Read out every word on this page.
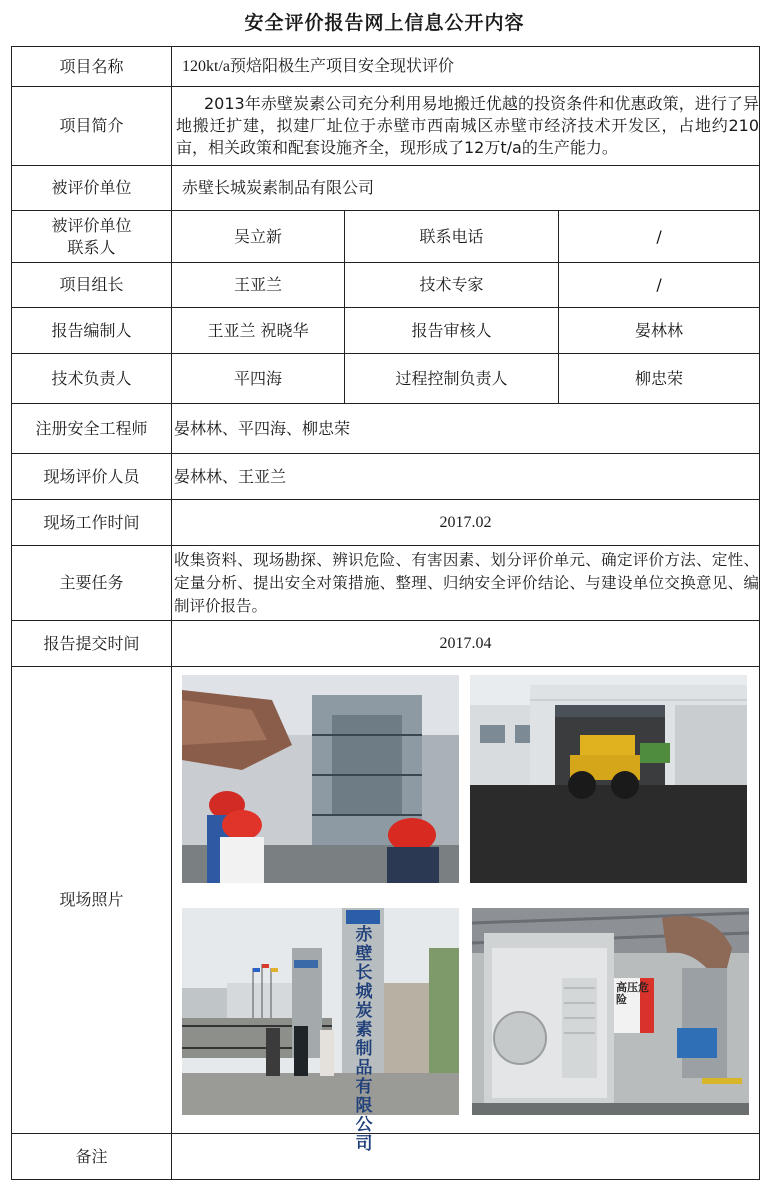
安全评价报告网上信息公开内容
项目名称	120kt/a预焙阳极生产项目安全现状评价		
项目简介	2013年赤壁炭素公司充分利用易地搬迁优越的投资条件和优惠政策，进行了异地搬迁扩建，拟建厂址位于赤壁市西南城区赤壁市经济技术开发区，占地约210亩，相关政策和配套设施齐全，现形成了12万t/a的生产能力。		
被评价单位	赤壁长城炭素制品有限公司		

被评价单位
联系人	吴立新	联系电话	/
项目组长	王亚兰	技术专家	/
报告编制人	王亚兰 祝晓华	报告审核人	晏林林
技术负责人	平四海	过程控制负责人	柳忠荣
注册安全工程师	晏林林、平四海、柳忠荣		
现场评价人员	晏林林、王亚兰		
现场工作时间	2017.02		
主要任务	收集资料、现场勘探、辨识危险、有害因素、划分评价单元、确定评价方法、定性、定量分析、提出安全对策措施、整理、归纳安全评价结论、与建设单位交换意见、编制评价报告。		
报告提交时间	2017.04		
现场照片	赤壁长城炭素制品有限公司
高压危险		

备注			
